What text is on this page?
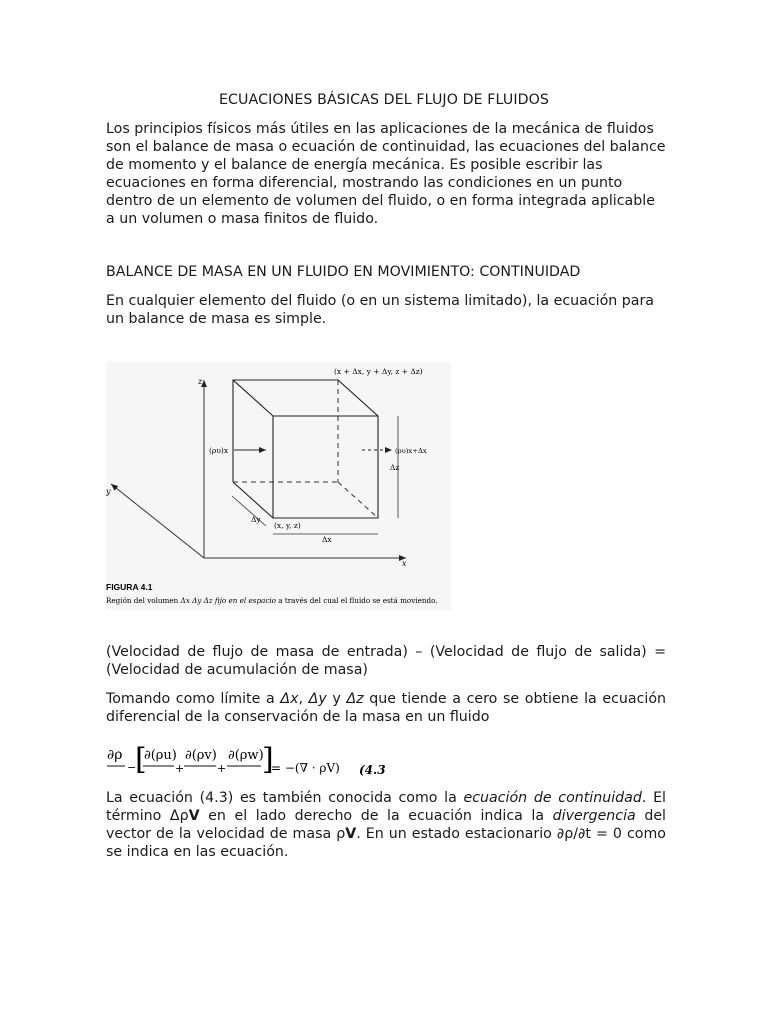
ECUACIONES BÁSICAS DEL FLUJO DE FLUIDOS
Los principios físicos más útiles en las aplicaciones de la mecánica de fluidos son el balance de masa o ecuación de continuidad, las ecuaciones del balance de momento y el balance de energía mecánica. Es posible escribir las ecuaciones en forma diferencial, mostrando las condiciones en un punto dentro de un elemento de volumen del fluido, o en forma integrada aplicable a un volumen o masa finitos de fluido.
BALANCE DE MASA EN UN FLUIDO EN MOVIMIENTO: CONTINUIDAD
En cualquier elemento del fluido (o en un sistema limitado), la ecuación para un balance de masa es simple.
(x + Δx, y + Δy, z + Δz)
(x, y, z)
(ρυ)x	(ρυ)x+Δx
Δx
Δy
Δz
x
y
z
FIGURA 4.1
Región del volumen Δx Δy Δz fijo en el espacio a través del cual el fluido se está moviendo.
(Velocidad de flujo de masa de entrada) – (Velocidad de flujo de salida) = (Velocidad de acumulación de masa)
Tomando como límite a Δx, Δy y Δz que tiende a cero se obtiene la ecuación diferencial de la conservación de la masa en un fluido
∂ρ
−
[
∂(ρu)
+
∂(ρv)
+
∂(ρw)
]
= −(∇ · ρV) (4.3
La ecuación (4.3) es también conocida como la ecuación de continuidad. El término ΔρV en el lado derecho de la ecuación indica la divergencia del vector de la velocidad de masa ρV. En un estado estacionario ∂ρ/∂t = 0 como se indica en las ecuación.
